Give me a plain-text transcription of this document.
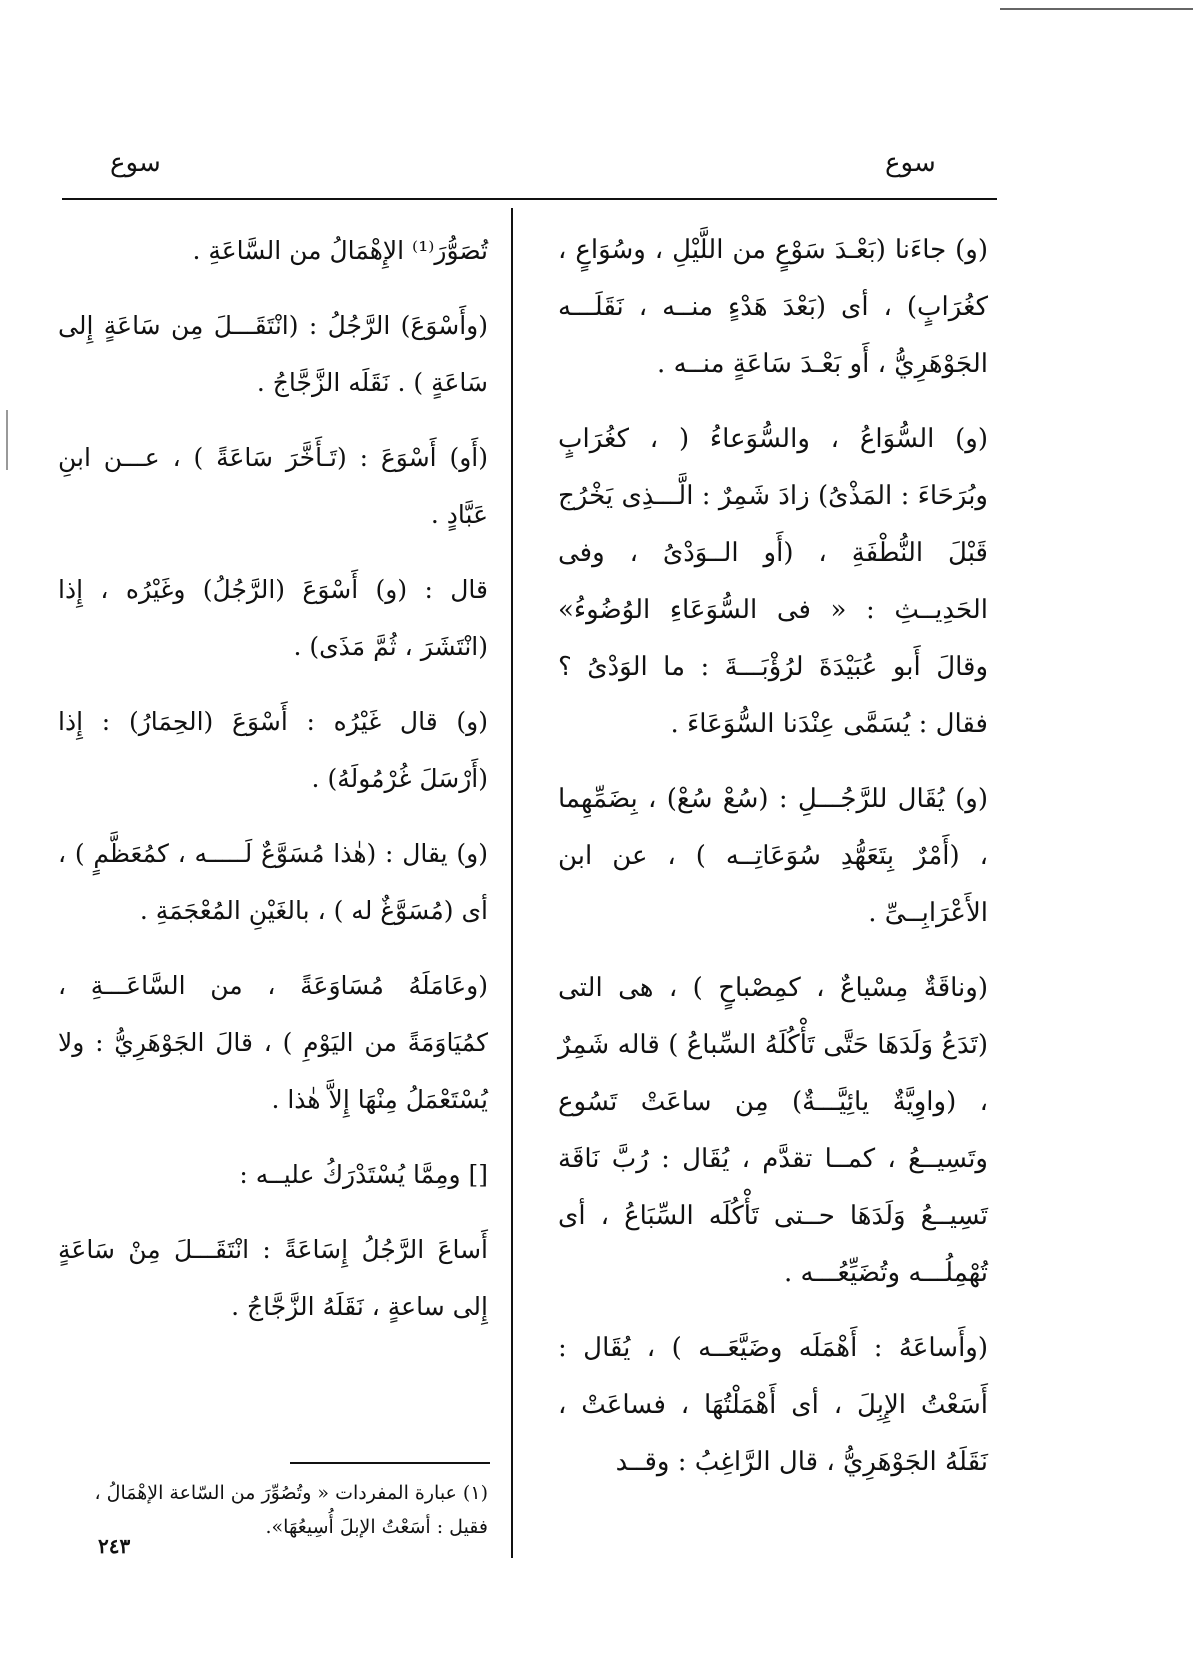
سوع
سوع

(و) جاءَنا (بَعْـدَ سَوْعٍ من اللَّيْلِ ، وسُوَاعٍ ، كغُرَابٍ) ، أى (بَعْدَ هَدْءٍ منــه ، نَقَلَـــه الجَوْهَرِيُّ ، أَو بَعْـدَ سَاعَةٍ منــه .

(و) السُّوَاعُ ، والسُّوَعاءُ ( ، كغُرَابٍ وبُرَحَاءَ : المَذْىُ) زادَ شَمِرٌ : الَّـــذِى يَخْرُج قَبْلَ النُّطْفَةِ ، (أَو الــوَدْىُ ، وفى الحَدِيــثِ : « فى السُّوَعَاءِ الوُضُوءُ» وقالَ أَبو عُبَيْدَةَ لرُؤْبَـــةَ : ما الوَدْىُ ؟ فقال : يُسَمَّى عِنْدَنا السُّوَعَاءَ .

(و) يُقَال للرَّجُـــلِ : (سُعْ سُعْ) ، بِضَمِّهِما ، (أَمْرٌ بِتَعَهُّدِ سُوَعَاتِــه ) ، عن ابن الأَعْرَابِــىِّ .

(وناقَةٌ مِسْياعٌ ، كمِصْباحٍ ) ، هى التى (تَدَعُ وَلَدَهَا حَتَّى تَأْكُلَهُ السِّباعُ ) قاله شَمِرٌ ، (واوِيَّةٌ يائِيَّـــةٌ) مِن ساعَتْ تَسُوع وتَسِيــعُ ، كمــا تقدَّم ، يُقَال : رُبَّ نَاقَة تَسِيــعُ وَلَدَهَا حــتى تَأْكُلَه السِّبَاعُ ، أى تُهْمِلُـــه وتُضَيِّعُـــه .

(وأَساعَهُ : أَهْمَلَه وضَيَّعَــه ) ، يُقَال : أَسَعْتُ الإِبِلَ ، أى أَهْمَلْتُهَا ، فساعَتْ ، نَقَلَهُ الجَوْهَرِيُّ ، قال الرَّاغِبُ : وقــد

تُصَوُّرَ⁽¹⁾ الإِهْمَالُ من السَّاعَةِ .

(وأَسْوَعَ) الرَّجُلُ : (انْتَقَـــلَ مِن سَاعَةٍ إِلى سَاعَةٍ ) . نَقَلَه الزَّجَّاجُ .

(أَو) أَسْوَعَ : (تَـأَخَّرَ سَاعَةً ) ، عـــن ابنِ عَبَّادٍ .

قال : (و) أَسْوَعَ (الرَّجُلُ) وغَيْرُه ، إِذا (انْتَشَرَ ، ثُمَّ مَذَى) .

(و) قال غَيْرُه : أَسْوَعَ (الحِمَارُ) : إِذا (أَرْسَلَ غُرْمُولَهُ) .

(و) يقال : (هٰذا مُسَوَّعٌ لَـــــه ، كمُعَظَّمٍ ) ، أى (مُسَوَّغٌ له ) ، بالغَيْنِ المُعْجَمَةِ .

(وعَامَلَهُ مُسَاوَعَةً ، من السَّاعَـــةِ ، كمُيَاوَمَةً من اليَوْمِ ) ، قالَ الجَوْهَرِيُّ : ولا يُسْتَعْمَلُ مِنْهَا إِلاَّ هٰذا .

[] ومِمَّا يُسْتَدْرَكُ عليــه :

أَساعَ الرَّجُلُ إِسَاعَةً : انْتَقَـــلَ مِنْ سَاعَةٍ إِلى ساعةٍ ، نَقَلَهُ الزَّجَّاجُ .

(١) عبارة المفردات « وتُصُوِّرَ من السّاعة الإهْمَالُ ، فقيل : أسَعْتُ الإبلَ أُسِيعُهَا».
٢٤٣
